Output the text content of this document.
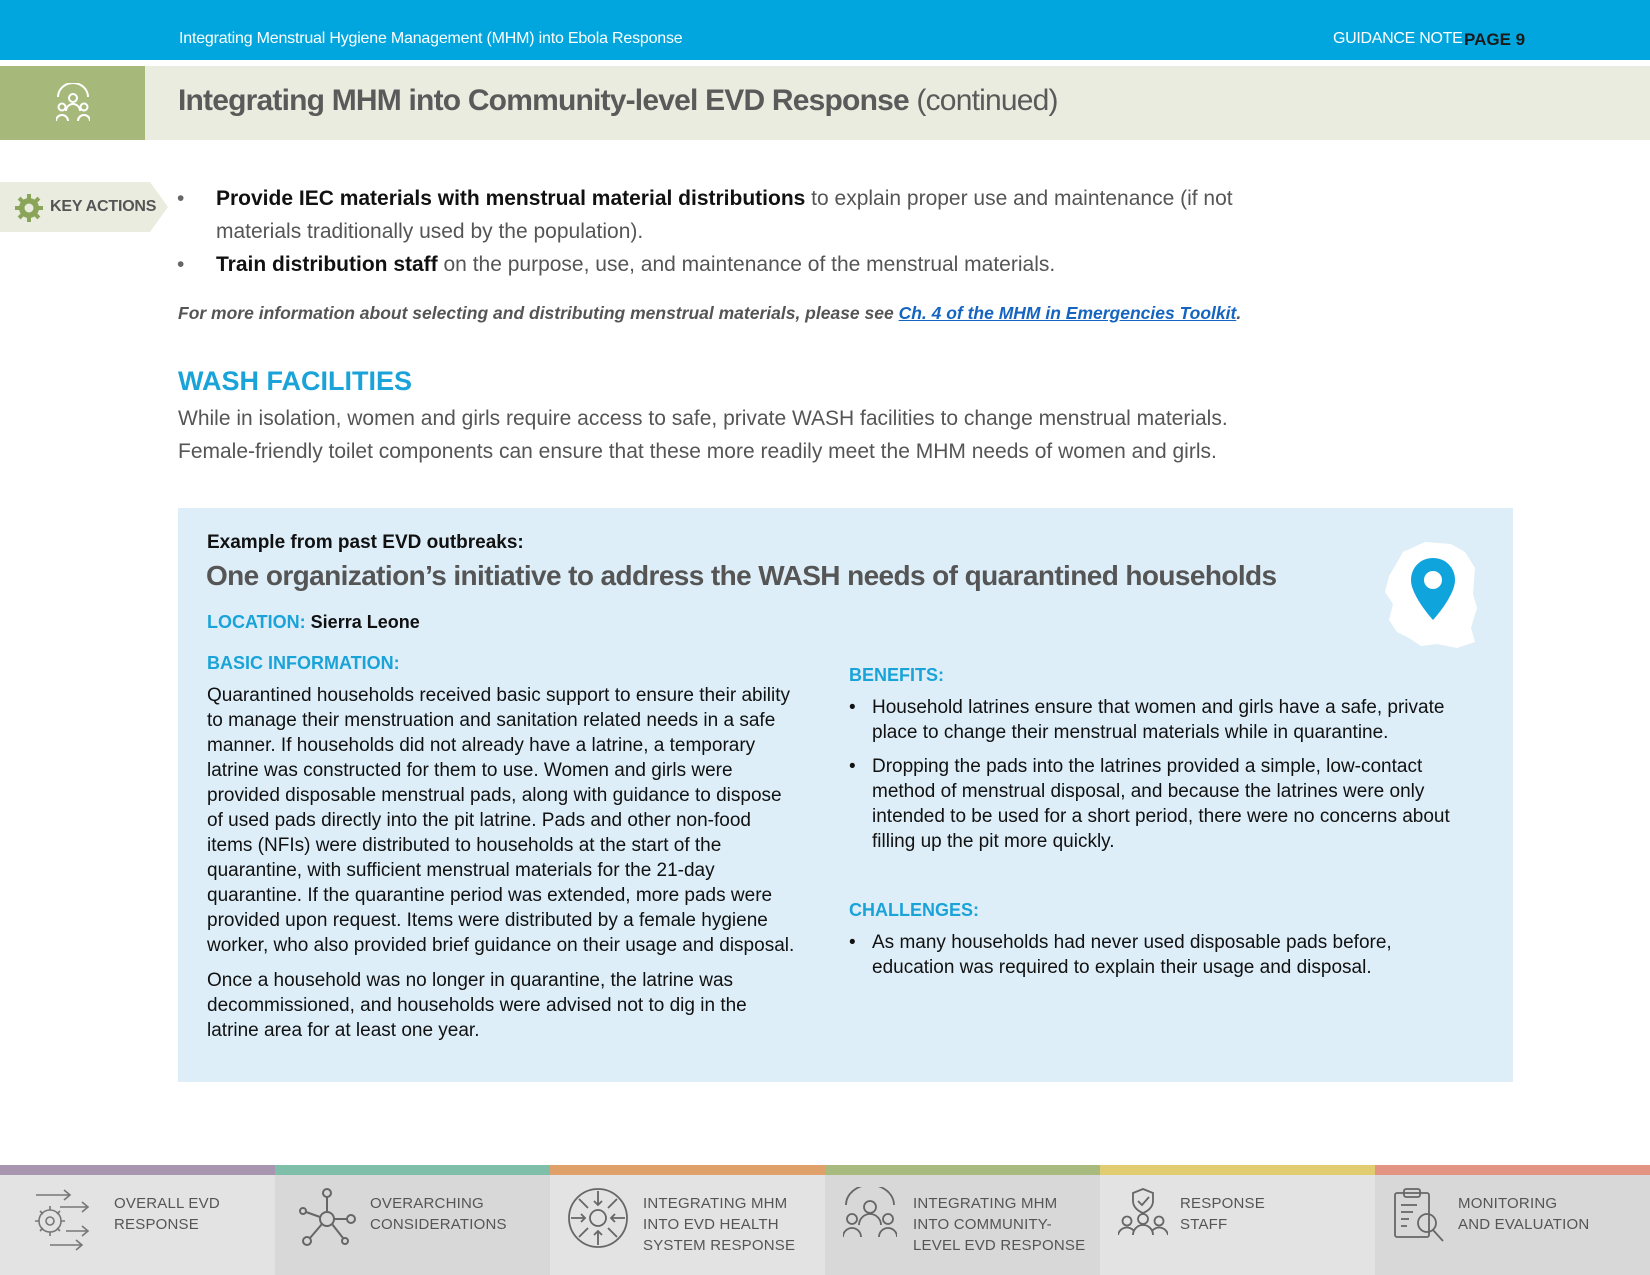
Integrating Menstrual Hygiene Management (MHM) into Ebola Response	GUIDANCE NOTE PAGE 9
Integrating MHM into Community-level EVD Response (continued)
KEY ACTIONS
•	Provide IEC materials with menstrual material distributions to explain proper use and maintenance (if not materials traditionally used by the population).
• Train distribution staff on the purpose, use, and maintenance of the menstrual materials.
For more information about selecting and distributing menstrual materials, please see Ch. 4 of the MHM in Emergencies Toolkit.
WASH FACILITIES
While in isolation, women and girls require access to safe, private WASH facilities to change menstrual materials. Female-friendly toilet components can ensure that these more readily meet the MHM needs of women and girls.
Example from past EVD outbreaks:
One organization’s initiative to address the WASH needs of quarantined households
LOCATION: Sierra Leone
BASIC INFORMATION:

Quarantined households received basic support to ensure their ability to manage their menstruation and sanitation related needs in a safe manner. If households did not already have a latrine, a temporary latrine was constructed for them to use. Women and girls were provided disposable menstrual pads, along with guidance to dispose of used pads directly into the pit latrine. Pads and other non-food items (NFIs) were distributed to households at the start of the quarantine, with sufficient menstrual materials for the 21-day quarantine. If the quarantine period was extended, more pads were provided upon request. Items were distributed by a female hygiene worker, who also provided brief guidance on their usage and disposal.

Once a household was no longer in quarantine, the latrine was decommissioned, and households were advised not to dig in the latrine area for at least one year.

BENEFITS:
• Household latrines ensure that women and girls have a safe, private place to change their menstrual materials while in quarantine.
• Dropping the pads into the latrines provided a simple, low-contact method of menstrual disposal, and because the latrines were only intended to be used for a short period, there were no concerns about filling up the pit more quickly.
CHALLENGES:
• As many households had never used disposable pads before, education was required to explain their usage and disposal.
OVERALL EVD
RESPONSE
OVERARCHING
CONSIDERATIONS
INTEGRATING MHM
INTO EVD HEALTH
SYSTEM RESPONSE
INTEGRATING MHM
INTO COMMUNITY-
LEVEL EVD RESPONSE
RESPONSE
STAFF
MONITORING
AND EVALUATION
